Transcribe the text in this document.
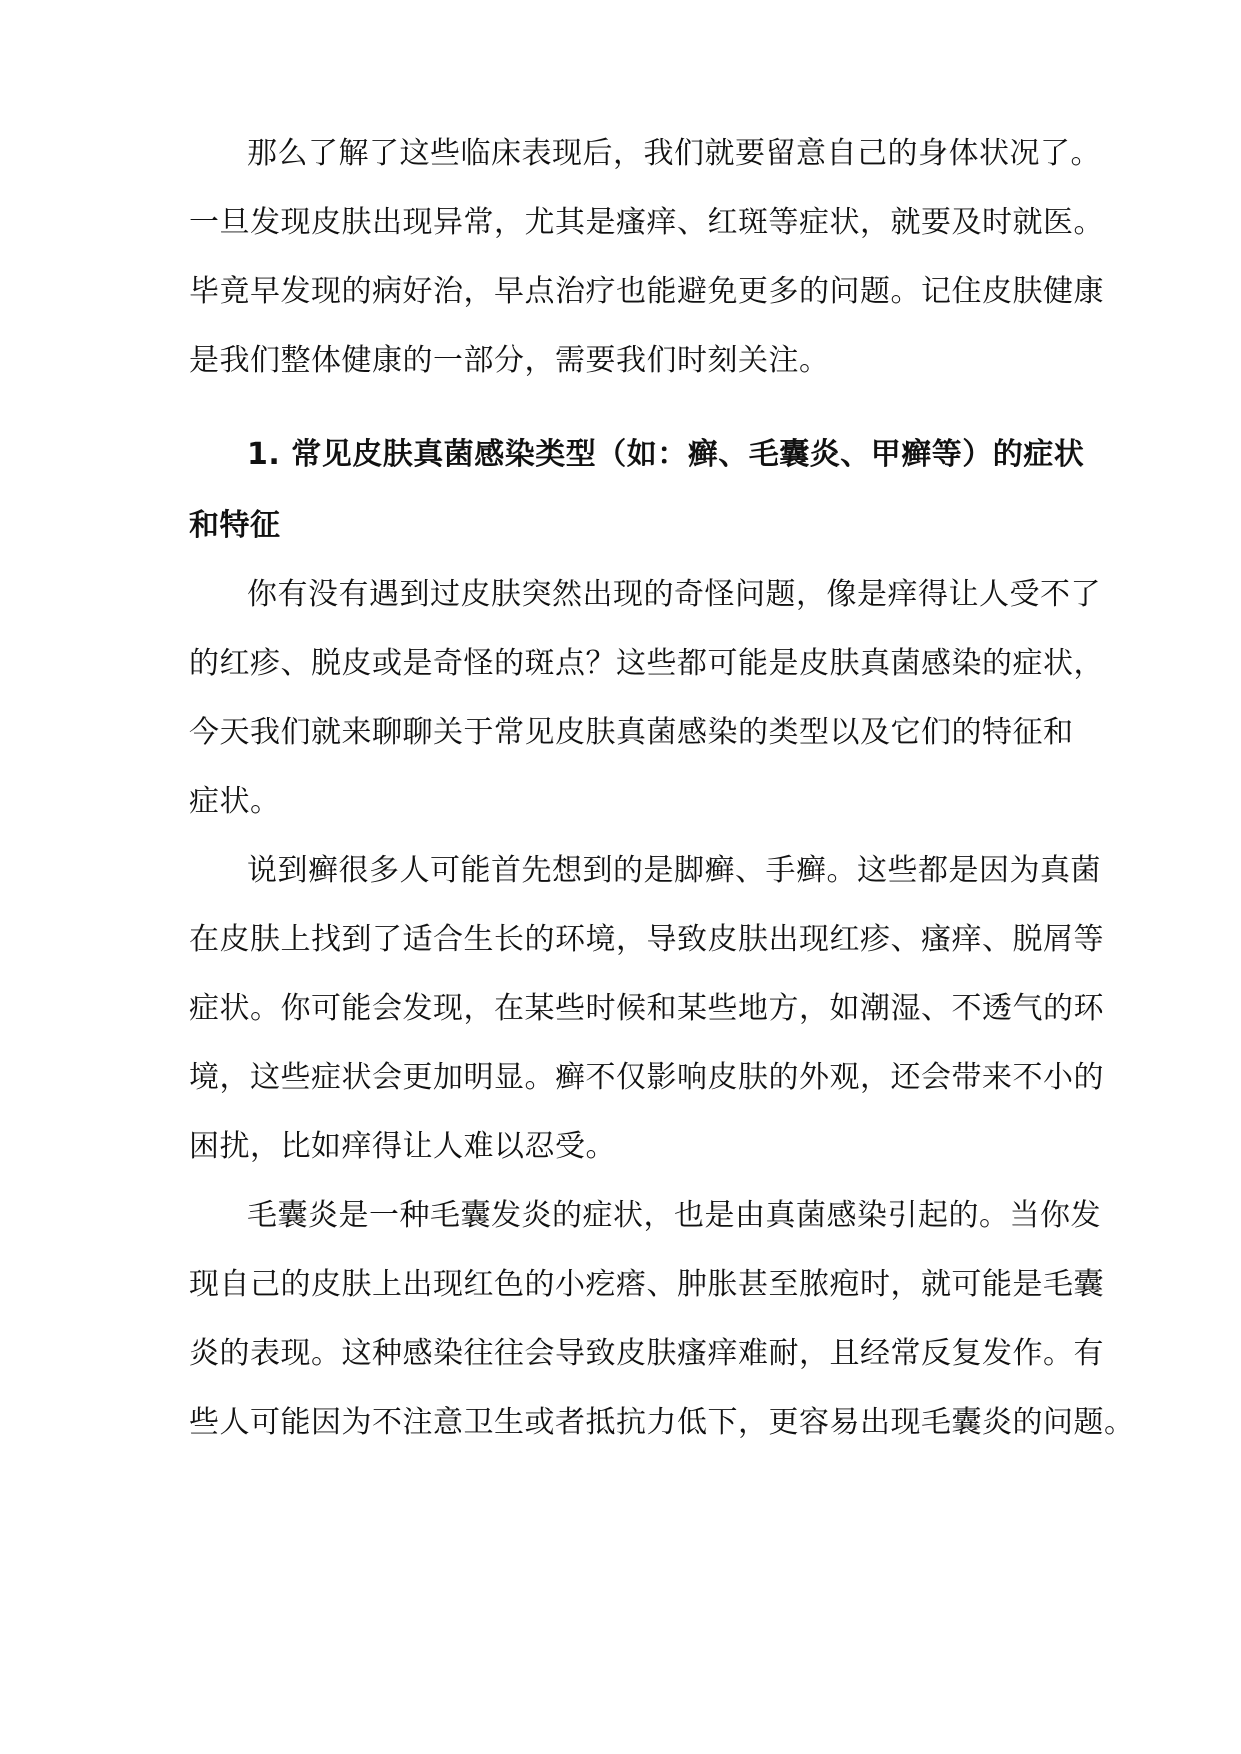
那么了解了这些临床表现后，我们就要留意自己的身体状况了。
一旦发现皮肤出现异常，尤其是瘙痒、红斑等症状，就要及时就医。
毕竟早发现的病好治，早点治疗也能避免更多的问题。记住皮肤健康
是我们整体健康的一部分，需要我们时刻关注。
1. 常见皮肤真菌感染类型（如：癣、毛囊炎、甲癣等）的症状
和特征
你有没有遇到过皮肤突然出现的奇怪问题，像是痒得让人受不了
的红疹、脱皮或是奇怪的斑点？这些都可能是皮肤真菌感染的症状，
今天我们就来聊聊关于常见皮肤真菌感染的类型以及它们的特征和
症状。
说到癣很多人可能首先想到的是脚癣、手癣。这些都是因为真菌
在皮肤上找到了适合生长的环境，导致皮肤出现红疹、瘙痒、脱屑等
症状。你可能会发现，在某些时候和某些地方，如潮湿、不透气的环
境，这些症状会更加明显。癣不仅影响皮肤的外观，还会带来不小的
困扰，比如痒得让人难以忍受。
毛囊炎是一种毛囊发炎的症状，也是由真菌感染引起的。当你发
现自己的皮肤上出现红色的小疙瘩、肿胀甚至脓疱时，就可能是毛囊
炎的表现。这种感染往往会导致皮肤瘙痒难耐，且经常反复发作。有
些人可能因为不注意卫生或者抵抗力低下，更容易出现毛囊炎的问题。
